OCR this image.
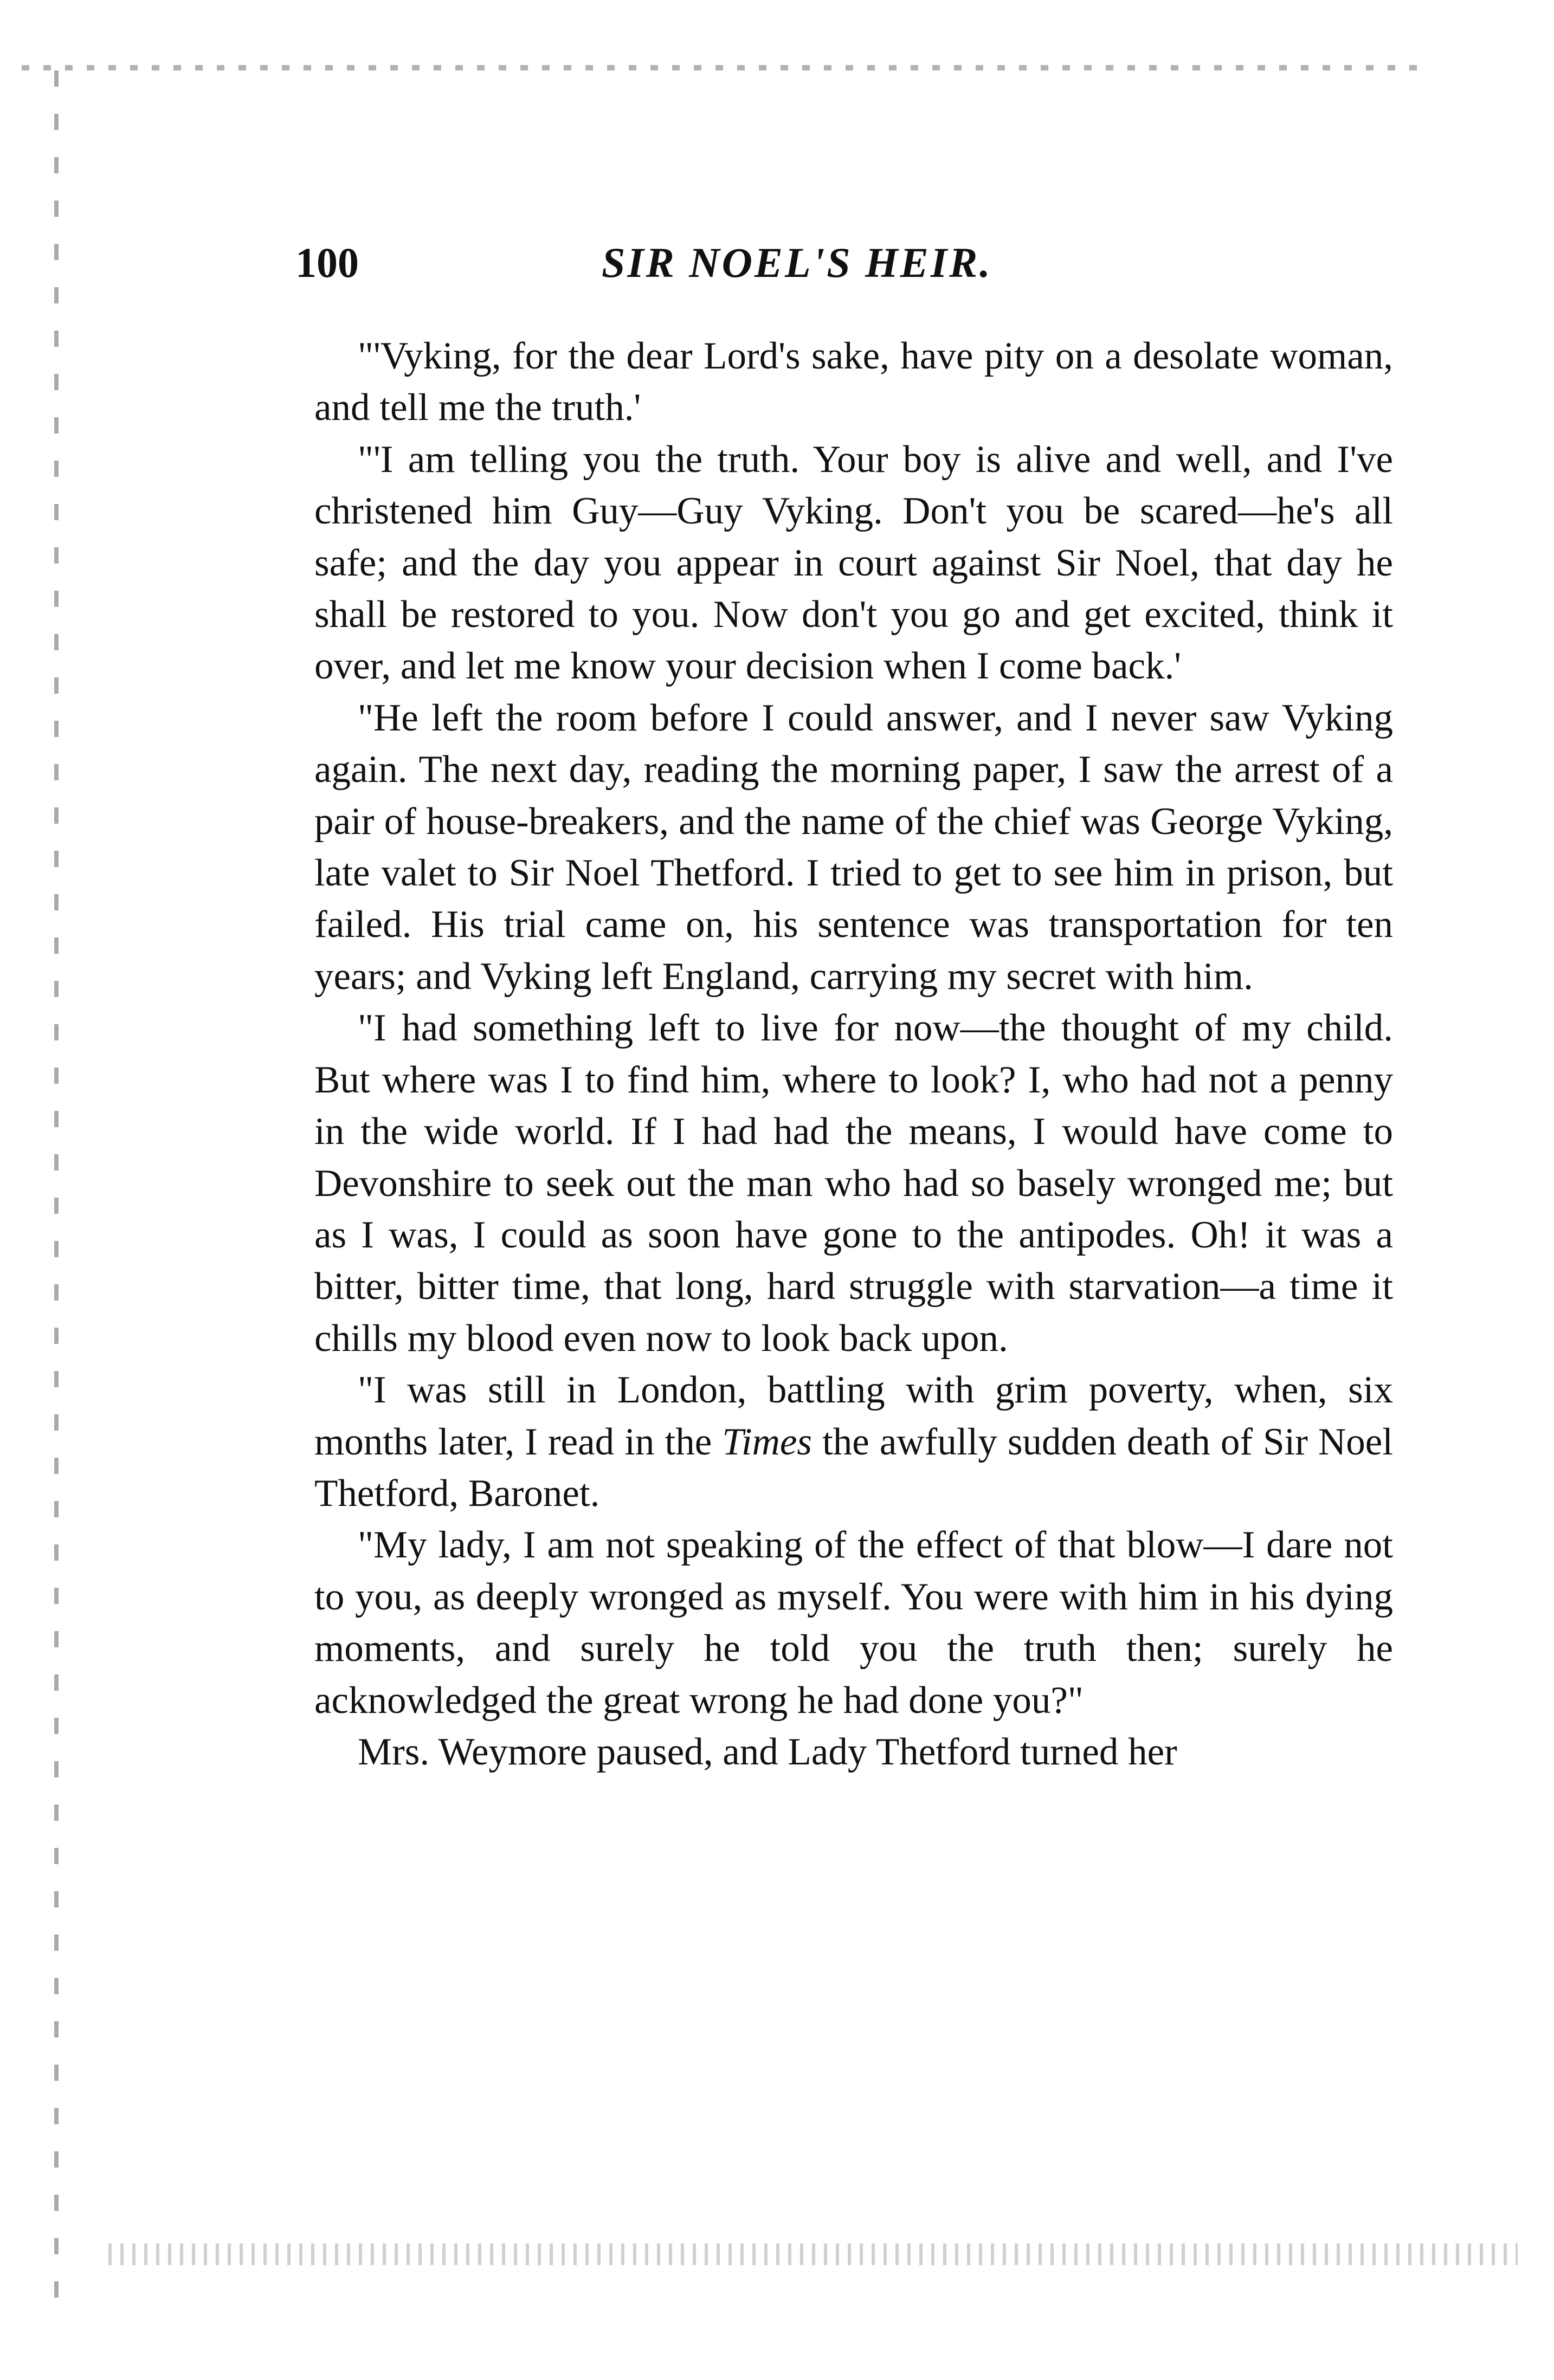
100	SIR NOEL'S HEIR.

"'Vyking, for the dear Lord's sake, have pity on a desolate woman, and tell me the truth.'

"'I am telling you the truth. Your boy is alive and well, and I've christened him Guy—Guy Vyking. Don't you be scared—he's all safe; and the day you appear in court against Sir Noel, that day he shall be restored to you. Now don't you go and get excited, think it over, and let me know your decision when I come back.'

"He left the room before I could answer, and I never saw Vyking again. The next day, reading the morning paper, I saw the arrest of a pair of house-breakers, and the name of the chief was George Vyking, late valet to Sir Noel Thetford. I tried to get to see him in prison, but failed. His trial came on, his sentence was transportation for ten years; and Vyking left England, carrying my secret with him.

"I had something left to live for now—the thought of my child. But where was I to find him, where to look? I, who had not a penny in the wide world. If I had had the means, I would have come to Devonshire to seek out the man who had so basely wronged me; but as I was, I could as soon have gone to the antipodes. Oh! it was a bitter, bitter time, that long, hard struggle with starvation—a time it chills my blood even now to look back upon.

"I was still in London, battling with grim poverty, when, six months later, I read in the Times the awfully sudden death of Sir Noel Thetford, Baronet.

"My lady, I am not speaking of the effect of that blow—I dare not to you, as deeply wronged as myself. You were with him in his dying moments, and surely he told you the truth then; surely he acknowledged the great wrong he had done you?"

Mrs. Weymore paused, and Lady Thetford turned her
